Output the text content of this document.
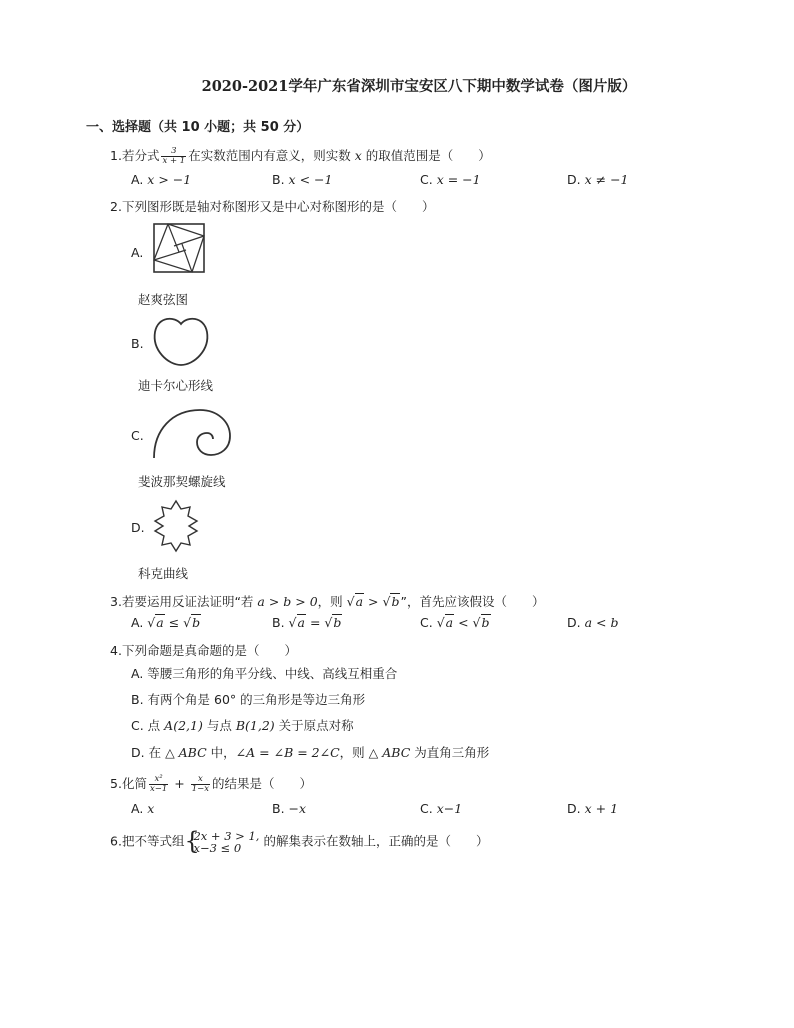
2020-2021学年广东省深圳市宝安区八下期中数学试卷（图片版）
一、选择题（共 10 小题；共 50 分）
1.若分式 $\frac{3}{x + 1}$ 在实数范围内有意义，则实数 x 的取值范围是（　　）
A. x > −1	B. x < −1	C. x = −1	D. x ≠ −1
2.下列图形既是轴对称图形又是中心对称图形的是（　　）
A.
赵爽弦图
B.
迪卡尔心形线
C.
斐波那契螺旋线
D.
科克曲线
3.若要运用反证法证明“若 a > b > 0，则 √a > √b”，首先应该假设（　　）
A. √a ≤ √b	B. √a = √b	C. √a < √b	D. a < b
4.下列命题是真命题的是（　　）
A. 等腰三角形的角平分线、中线、高线互相重合
B. 有两个角是 60° 的三角形是等边三角形
C. 点 A(2,1) 与点 B(1,2) 关于原点对称
D. 在 △ ABC 中，∠A = ∠B = 2∠C，则 △ ABC 为直角三角形
5.化简 $\frac{\text{x²}}{x-1} + \frac{x}{1-x}$ 的结果是（　　）
A. x	B. −x	C. x−1	D. x + 1
6.把不等式组 {
2x + 3 > 1,
x−3 ≤ 0	的解集表示在数轴上，正确的是（　　）
